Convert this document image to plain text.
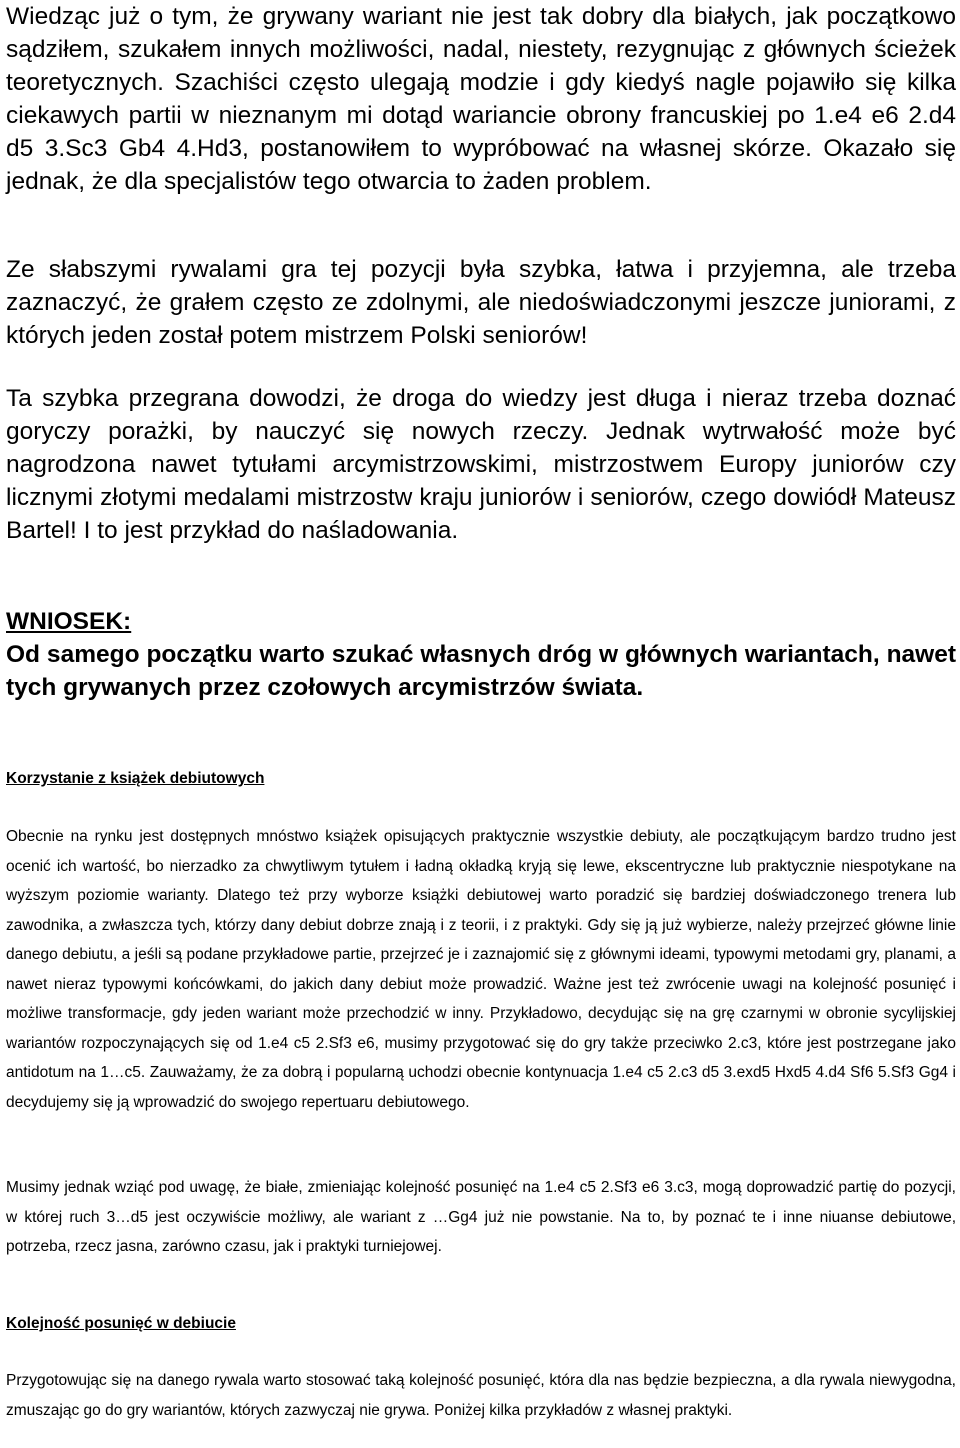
Wiedząc już o tym, że grywany wariant nie jest tak dobry dla białych, jak początkowo sądziłem, szukałem innych możliwości, nadal, niestety, rezygnując z głównych ścieżek teoretycznych. Szachiści często ulegają modzie i gdy kiedyś nagle pojawiło się kilka ciekawych partii w nieznanym mi dotąd wariancie obrony francuskiej po 1.e4 e6 2.d4 d5 3.Sc3 Gb4 4.Hd3, postanowiłem to wypróbować na własnej skórze. Okazało się jednak, że dla specjalistów tego otwarcia to żaden problem.

Ze słabszymi rywalami gra tej pozycji była szybka, łatwa i przyjemna, ale trzeba zaznaczyć, że grałem często ze zdolnymi, ale niedoświadczonymi jeszcze juniorami, z których jeden został potem mistrzem Polski seniorów!

Ta szybka przegrana dowodzi, że droga do wiedzy jest długa i nieraz trzeba doznać goryczy porażki, by nauczyć się nowych rzeczy. Jednak wytrwałość może być nagrodzona nawet tytułami arcymistrzowskimi, mistrzostwem Europy juniorów czy licznymi złotymi medalami mistrzostw kraju juniorów i seniorów, czego dowiódł Mateusz Bartel! I to jest przykład do naśladowania.

WNIOSEK:

Od samego początku warto szukać własnych dróg w głównych wariantach, nawet tych grywanych przez czołowych arcymistrzów świata.

Korzystanie z książek debiutowych

Obecnie na rynku jest dostępnych mnóstwo książek opisujących praktycznie wszystkie debiuty, ale początkującym bardzo trudno jest ocenić ich wartość, bo nierzadko za chwytliwym tytułem i ładną okładką kryją się lewe, ekscentryczne lub praktycznie niespotykane na wyższym poziomie warianty. Dlatego też przy wyborze książki debiutowej warto poradzić się bardziej doświadczonego trenera lub zawodnika, a zwłaszcza tych, którzy dany debiut dobrze znają i z teorii, i z praktyki. Gdy się ją już wybierze, należy przejrzeć główne linie danego debiutu, a jeśli są podane przykładowe partie, przejrzeć je i zaznajomić się z głównymi ideami, typowymi metodami gry, planami, a nawet nieraz typowymi końcówkami, do jakich dany debiut może prowadzić. Ważne jest też zwrócenie uwagi na kolejność posunięć i możliwe transformacje, gdy jeden wariant może przechodzić w inny. Przykładowo, decydując się na grę czarnymi w obronie sycylijskiej wariantów rozpoczynających się od 1.e4 c5 2.Sf3 e6, musimy przygotować się do gry także przeciwko 2.c3, które jest postrzegane jako antidotum na 1…c5. Zauważamy, że za dobrą i popularną uchodzi obecnie kontynuacja 1.e4 c5 2.c3 d5 3.exd5 Hxd5 4.d4 Sf6 5.Sf3 Gg4 i decydujemy się ją wprowadzić do swojego repertuaru debiutowego.

Musimy jednak wziąć pod uwagę, że białe, zmieniając kolejność posunięć na 1.e4 c5 2.Sf3 e6 3.c3, mogą doprowadzić partię do pozycji, w której ruch 3…d5 jest oczywiście możliwy, ale wariant z …Gg4 już nie powstanie. Na to, by poznać te i inne niuanse debiutowe, potrzeba, rzecz jasna, zarówno czasu, jak i praktyki turniejowej.

Kolejność posunięć w debiucie

Przygotowując się na danego rywala warto stosować taką kolejność posunięć, która dla nas będzie bezpieczna, a dla rywala niewygodna, zmuszając go do gry wariantów, których zazwyczaj nie grywa. Poniżej kilka przykładów z własnej praktyki.
